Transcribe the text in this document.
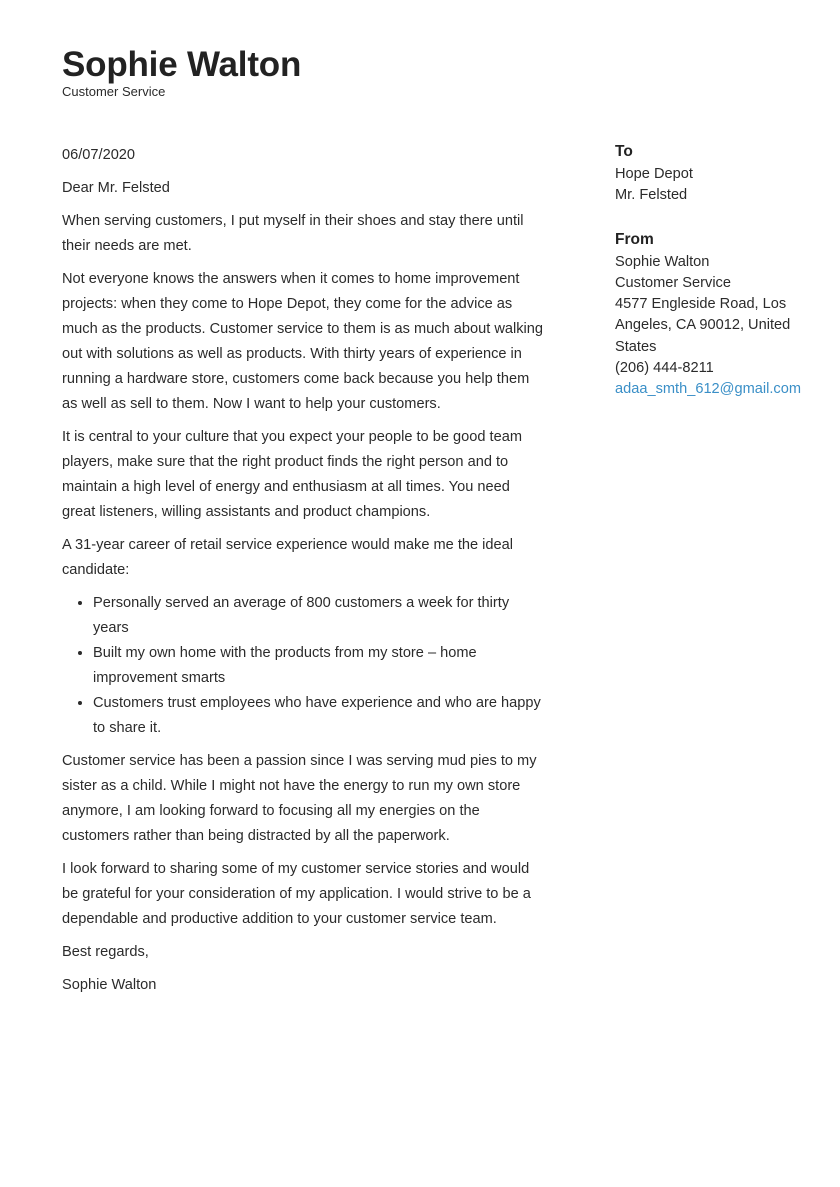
Sophie Walton
Customer Service

06/07/2020

Dear Mr. Felsted

When serving customers, I put myself in their shoes and stay there until their needs are met.

Not everyone knows the answers when it comes to home improvement projects: when they come to Hope Depot, they come for the advice as much as the products. Customer service to them is as much about walking out with solutions as well as products. With thirty years of experience in running a hardware store, customers come back because you help them as well as sell to them. Now I want to help your customers.

It is central to your culture that you expect your people to be good team players, make sure that the right product finds the right person and to maintain a high level of energy and enthusiasm at all times. You need great listeners, willing assistants and product champions.

A 31-year career of retail service experience would make me the ideal candidate:

• Personally served an average of 800 customers a week for thirty years
• Built my own home with the products from my store – home improvement smarts
• Customers trust employees who have experience and who are happy to share it.

Customer service has been a passion since I was serving mud pies to my sister as a child. While I might not have the energy to run my own store anymore, I am looking forward to focusing all my energies on the customers rather than being distracted by all the paperwork.

I look forward to sharing some of my customer service stories and would be grateful for your consideration of my application. I would strive to be a dependable and productive addition to your customer service team.

Best regards,

Sophie Walton

To
Hope Depot
Mr. Felsted
From
Sophie Walton
Customer Service
4577 Engleside Road, Los Angeles, CA 90012, United States
(206) 444-8211
adaa_smth_612@gmail.com
